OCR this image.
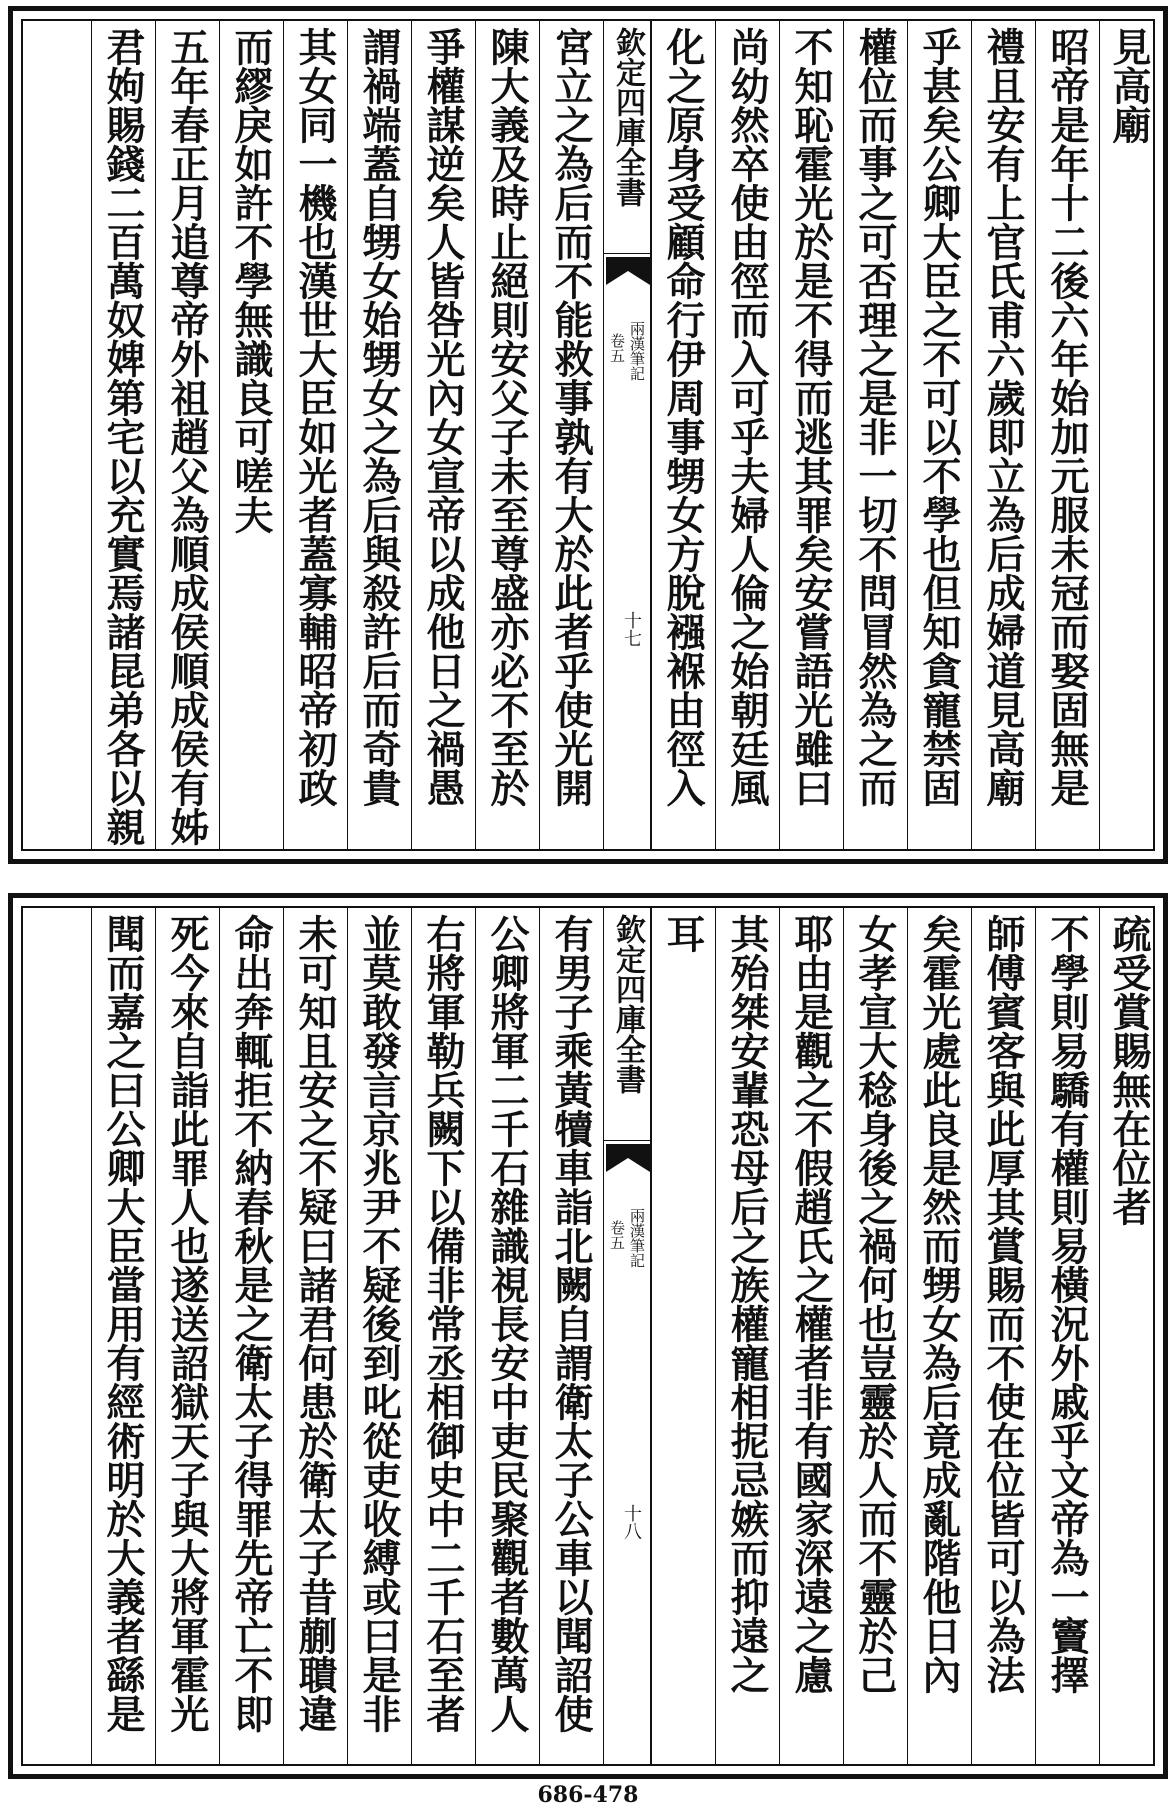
見高廟
昭帝是年十二後六年始加元服未冠而娶固無是
禮且安有上官氏甫六歲即立為后成婦道見高廟
乎甚矣公卿大臣之不可以不學也但知貪寵禁固
權位而事之可否理之是非一切不問冒然為之而
不知恥霍光於是不得而逃其罪矣安嘗語光雖曰
尚幼然卒使由徑而入可乎夫婦人倫之始朝廷風
化之原身受顧命行伊周事甥女方脫襁褓由徑入
欽定四庫全書
兩漢筆記
卷五
十七
宮立之為后而不能救事孰有大於此者乎使光開
陳大義及時止絕則安父子未至尊盛亦必不至於
爭權謀逆矣人皆咎光內女宣帝以成他日之禍愚
謂禍端蓋自甥女始甥女之為后與殺許后而奇貴
其女同一機也漢世大臣如光者蓋寡輔昭帝初政
而繆戾如許不學無識良可嗟夫
五年春正月追尊帝外祖趙父為順成侯順成侯有姊
君姁賜錢二百萬奴婢第宅以充實焉諸昆弟各以親
疏受賞賜無在位者
不學則易驕有權則易橫況外戚乎文帝為一竇擇
師傅賓客與此厚其賞賜而不使在位皆可以為法
矣霍光處此良是然而甥女為后竟成亂階他日內
女孝宣大稔身後之禍何也豈靈於人而不靈於己
耶由是觀之不假趙氏之權者非有國家深遠之慮
其殆桀安輩恐母后之族權寵相抳忌嫉而抑遠之
耳
欽定四庫全書
兩漢筆記
卷五
十八
有男子乘黃犢車詣北闕自謂衛太子公車以聞詔使
公卿將軍二千石雜識視長安中吏民聚觀者數萬人
右將軍勒兵闕下以備非常丞相御史中二千石至者
並莫敢發言京兆尹不疑後到叱從吏收縛或曰是非
未可知且安之不疑曰諸君何患於衛太子昔蒯聵違
命出奔輒拒不納春秋是之衛太子得罪先帝亡不即
死今來自詣此罪人也遂送詔獄天子與大將軍霍光
聞而嘉之曰公卿大臣當用有經術明於大義者繇是
686-478
